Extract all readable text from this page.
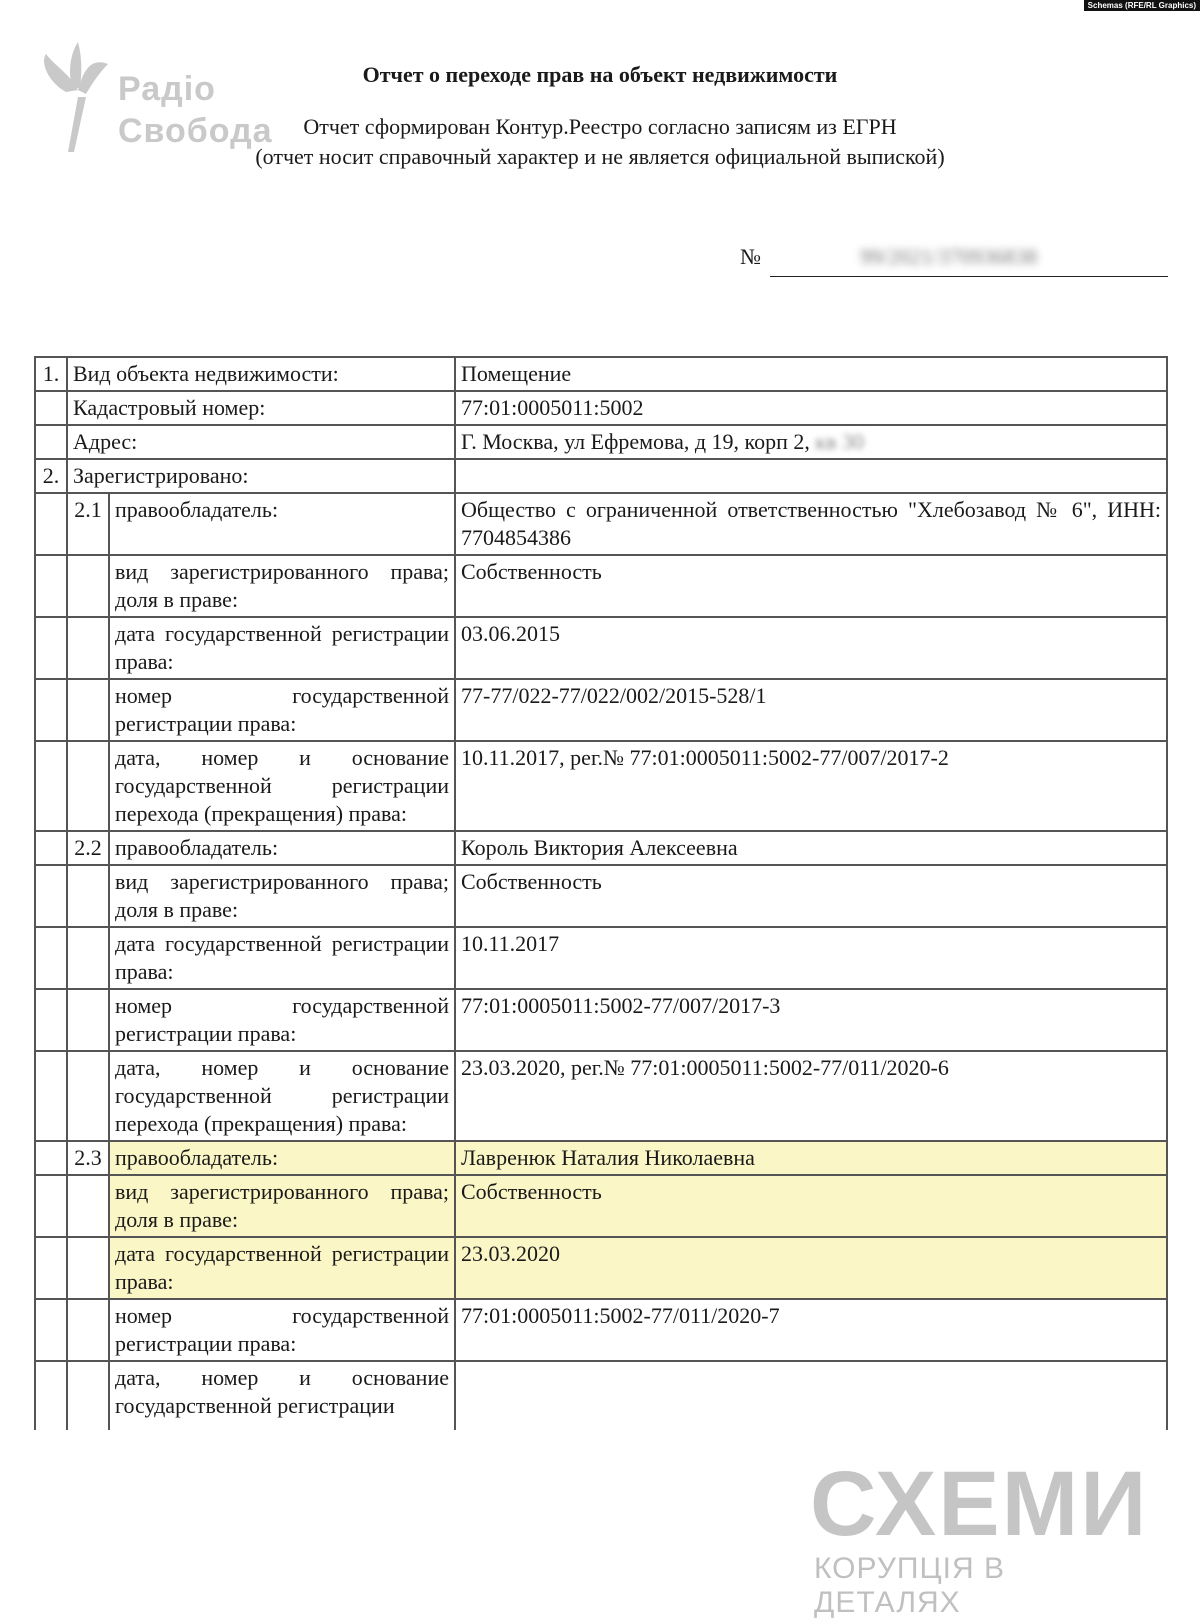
Schemas (RFE/RL Graphics)
Радіо
Свобода
Отчет о переходе прав на объект недвижимости
Отчет сформирован Контур.Реестро согласно записям из ЕГРН
(отчет носит справочный характер и не является официальной выпиской)
№	99/2021/370936838
1.	Вид объекта недвижимости:		Помещение
	Кадастровый номер:		77:01:0005011:5002
	Адрес:		Г. Москва, ул Ефремова, д 19, корп 2, кв 30
2.	Зарегистрировано:		
	2.1	правообладатель:	Общество с ограниченной ответственностью "Хлебозавод № 6", ИНН: 7704854386
		вид зарегистрированного права; доля в праве:	Собственность
		дата государственной регистрации права:	03.06.2015
		номер государственной регистрации права:	77-77/022-77/022/002/2015-528/1
		дата, номер и основание государственной регистрации перехода (прекращения) права:	10.11.2017, рег.№ 77:01:0005011:5002-77/007/2017-2
	2.2	правообладатель:	Король Виктория Алексеевна
		вид зарегистрированного права; доля в праве:	Собственность
		дата государственной регистрации права:	10.11.2017
		номер государственной регистрации права:	77:01:0005011:5002-77/007/2017-3
		дата, номер и основание государственной регистрации перехода (прекращения) права:	23.03.2020, рег.№ 77:01:0005011:5002-77/011/2020-6
	2.3	правообладатель:	Лавренюк Наталия Николаевна
		вид зарегистрированного права; доля в праве:	Собственность
		дата государственной регистрации права:	23.03.2020
		номер государственной регистрации права:	77:01:0005011:5002-77/011/2020-7
		дата, номер и основание государственной регистрации	
СХЕМИ
КОРУПЦІЯ В ДЕТАЛЯХ
